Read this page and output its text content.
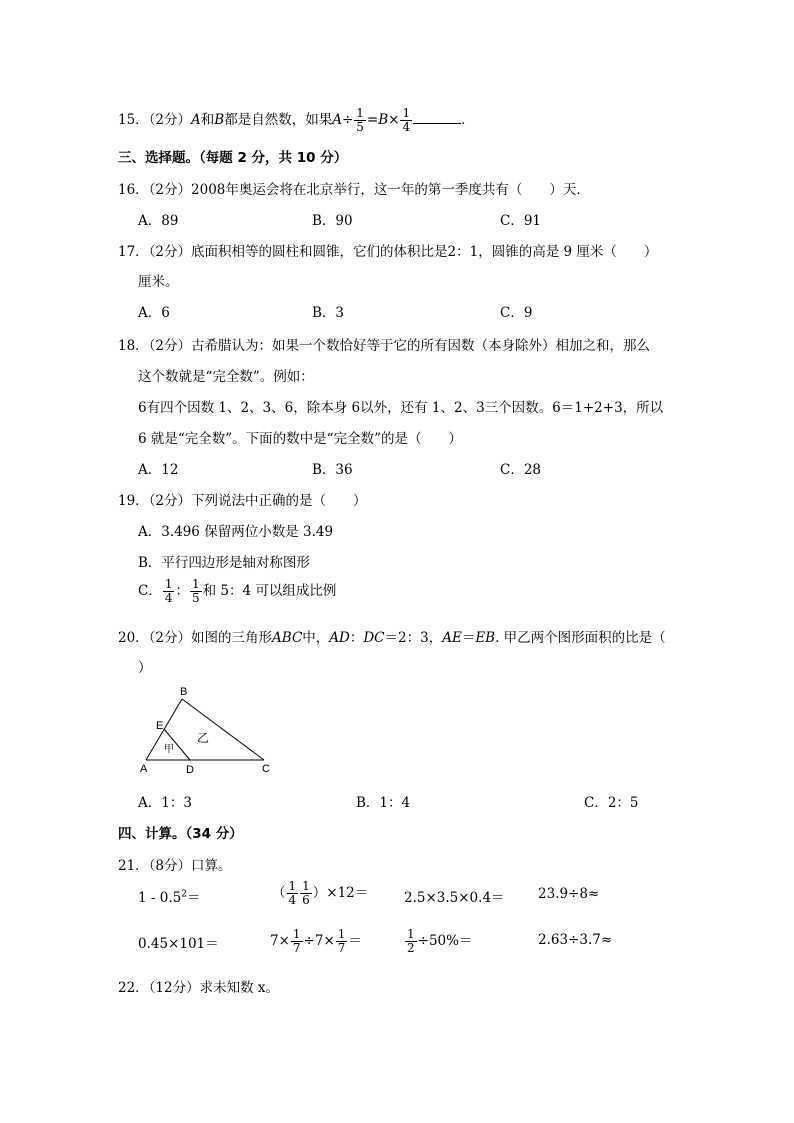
15．（2分）A和B都是自然数，如果$A\div \frac{1}{5} =B\times \frac{1}{4}$	．
三、选择题。（每题 2 分，共 10 分）
16．（2分）2008年奥运会将在北京举行，这一年的第一季度共有（　　）天．
A．89	B．90	C．91
17．（2分）底面积相等的圆柱和圆锥，它们的体积比是2：1，圆锥的高是 9 厘米（　　）
厘米。
A．6	B．3	C．9
18．（2分）古希腊认为：如果一个数恰好等于它的所有因数（本身除外）相加之和，那么
这个数就是“完全数”。例如：
6有四个因数 1、2、3、6，除本身 6以外，还有 1、2、3三个因数。6＝1+2+3，所以
6 就是“完全数”。下面的数中是“完全数”的是（　　）
A．12	B．36	C．28
19．（2分）下列说法中正确的是（　　）
A．3.496 保留两位小数是 3.49
B．平行四边形是轴对称图形
C． $\frac{1}{4}$ ： $\frac{1}{5}$ 和 5：4 可以组成比例
20．（2分）如图的三角形ABC中，AD：DC＝2：3，AE＝EB. 甲乙两个图形面积的比是（
）
B
E
A	D	C
甲
乙
A．1：3	B．1：4	C．2：5
四、计算。（34 分）
21．（8分）口算。
$1 - 0.5^2=$	（ $\frac{1}{4} \frac{1}{6} )\times 12=$	2.5×3.5×0.4＝ 23.9÷8≈
0.45×101＝	$7\times \frac{1}{7} \div 7\times \frac{1}{7}$ ＝	$\frac{1}{2} \div 50\%=$	2.63÷3.7≈
22．（12分）求未知数 x。
